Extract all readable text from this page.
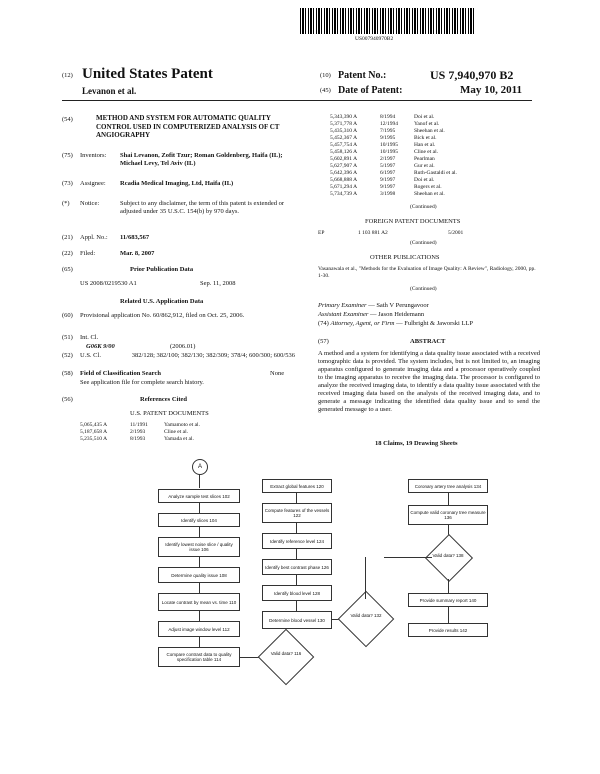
US007940970B2
(12) United States Patent
Levanon et al.
(10) Patent No.:	US 7,940,970 B2
(45) Date of Patent:	May 10, 2011
(54)	METHOD AND SYSTEM FOR AUTOMATIC QUALITY CONTROL USED IN COMPUTERIZED ANALYSIS OF CT ANGIOGRAPHY
(75) Inventors: Shai Levanon, Zofit Tzur; Roman Goldenberg, Haifa (IL); Michael Levy, Tel Aviv (IL)
(73) Assignee: Rcadia Medical Imaging, Ltd, Haifa (IL)
(*) Notice:	Subject to any disclaimer, the term of this patent is extended or adjusted under 35 U.S.C. 154(b) by 970 days.
(21) Appl. No.: 11/683,567
(22) Filed:	Mar. 8, 2007
(65)	Prior Publication Data
US 2008/0219530 A1	Sep. 11, 2008
Related U.S. Application Data
(60) Provisional application No. 60/862,912, filed on Oct. 25, 2006.
(51) Int. Cl.
G06K 9/00	(2006.01)
(52) U.S. Cl.	382/128; 382/100; 382/130; 382/309; 378/4; 600/300; 600/536
(58) Field of Classification Search	None
See application file for complete search history.
(56)	References Cited
U.S. PATENT DOCUMENTS
5,065,435 A	11/1991	Yamamoto et al.
5,187,658 A	2/1993	Cline et al.
5,235,510 A	8/1993	Yamada et al.
5,343,390 A	8/1994	Doi et al.
5,371,778 A	12/1994	Yanof et al.
5,435,310 A	7/1995	Sheehan et al.
5,452,367 A	9/1995	Bick et al.
5,457,754 A	10/1995	Han et al.
5,458,126 A	10/1995	Cline et al.
5,602,891 A	2/1997	Pearlman
5,627,907 A	5/1997	Gur et al.
5,642,396 A	6/1997	Ruth-Gastaldi et al.
5,668,888 A	9/1997	Doi et al.
5,671,294 A	9/1997	Rogers et al.
5,734,739 A	3/1998	Sheehan et al.
(Continued)
FOREIGN PATENT DOCUMENTS
EP	1 103 881 A2	5/2001
(Continued)
OTHER PUBLICATIONS
Vasanawala et al., "Methods for the Evaluation of Image Quality: A Review", Radiology, 2000, pp. 1-30.
(Continued)
Primary Examiner — Sath V Perungavoor
Assistant Examiner — Jason Heidemann
(74) Attorney, Agent, or Firm — Fulbright & Jaworski LLP
(57)	ABSTRACT
A method and a system for identifying a data quality issue associated with a received tomographic data is provided. The system includes, but is not limited to, an imaging apparatus configured to generate imaging data and a processor operatively coupled to the imaging apparatus to receive the imaging data. The processor is configured to analyze the received imaging data, to identify a data quality issue associated with the received imaging data based on the analysis of the received imaging data, and to generate a message indicating the identified data quality issue and to send the generated message to a user.
18 Claims, 19 Drawing Sheets
A
Analyze sample test slices 102
Identify slices 104
Identify lowest noise slice / quality issue 106
Determine quality issue 108
Locate contrast by mean vs. time 110
Adjust image window level 112
Compare contrast data to quality specification table 114
Valid data? 116
Extract global features 120
Compute features of the vessels 122
Identify reference level 124
Identify best contrast phase 126
Identify blood level 128
Determine blood vessel 130
Valid data? 132
Coronary artery tree analysis 134
Compute valid coronary tree measure 136
Valid data? 138
Provide summary report 140
Provide results 142
